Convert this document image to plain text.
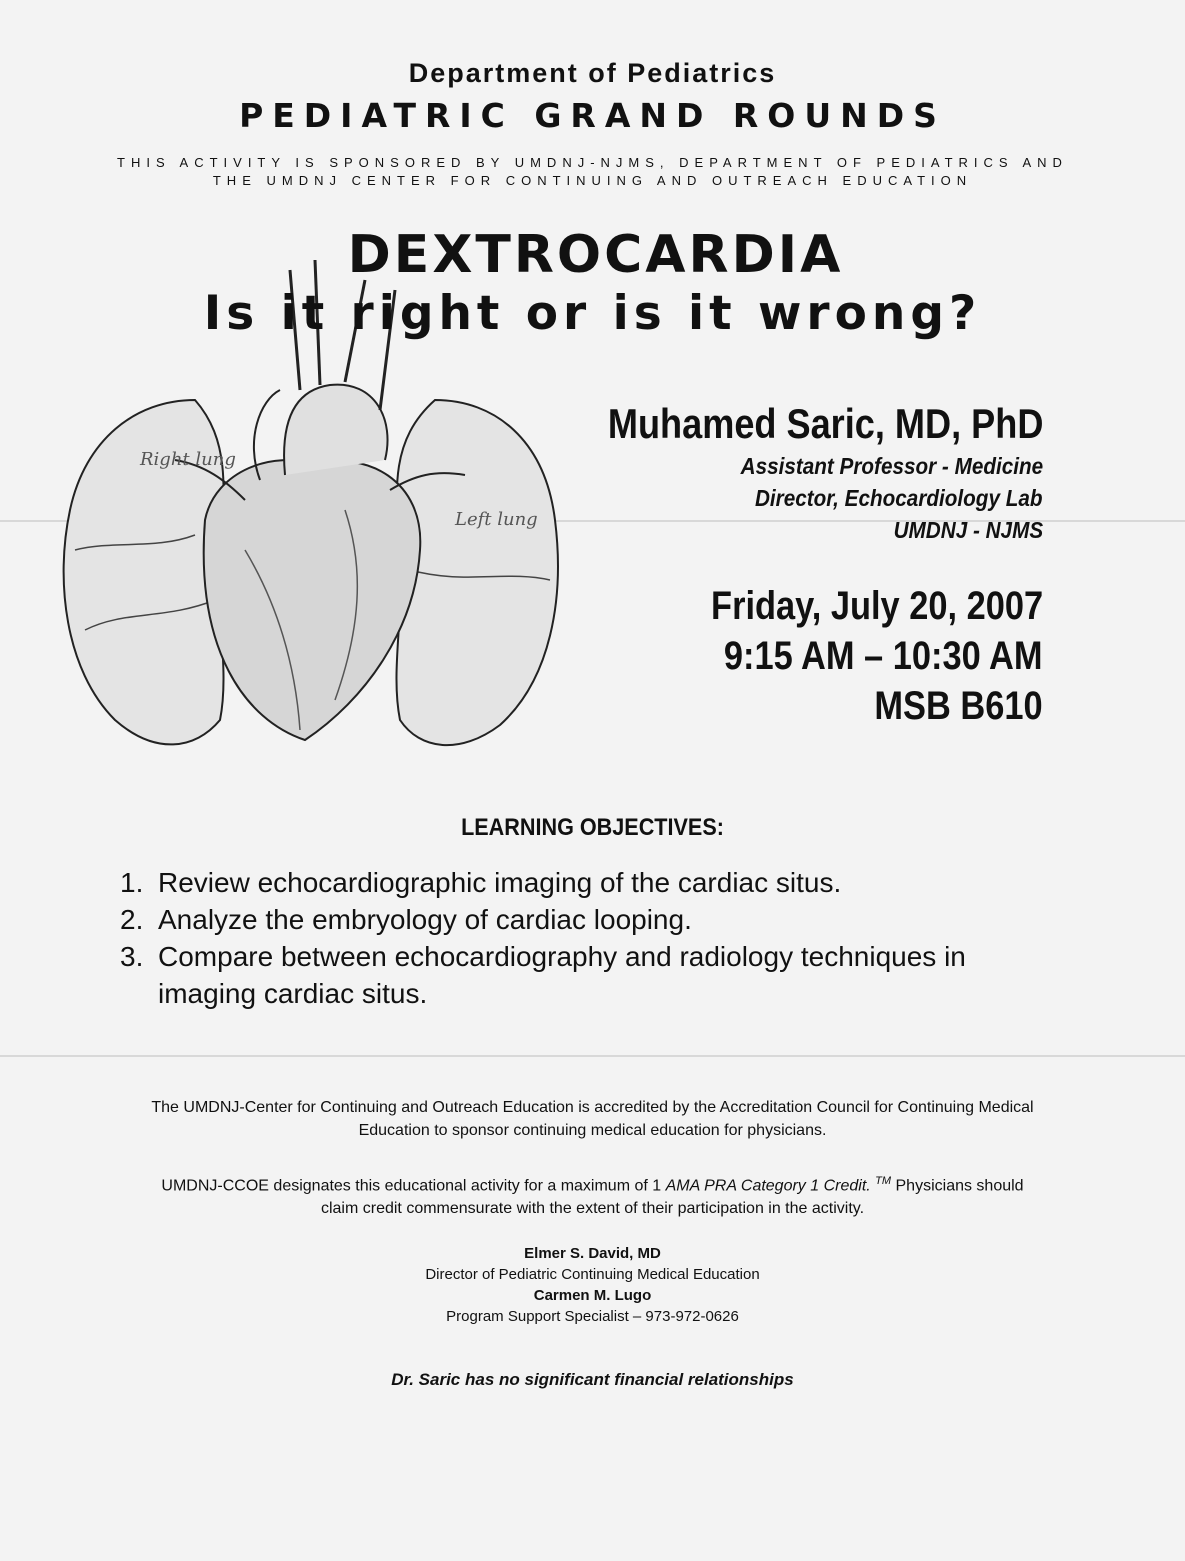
Department of Pediatrics
PEDIATRIC GRAND ROUNDS
THIS ACTIVITY IS SPONSORED BY UMDNJ-NJMS, DEPARTMENT OF PEDIATRICS AND
THE UMDNJ CENTER FOR CONTINUING AND OUTREACH EDUCATION
Right lung
Left lung
DEXTROCARDIA
Is it right or is it wrong?
Muhamed Saric, MD, PhD
Assistant Professor - Medicine
Director, Echocardiology Lab
UMDNJ - NJMS
Friday, July 20, 2007
9:15 AM – 10:30 AM
MSB B610
LEARNING OBJECTIVES:
1. Review echocardiographic imaging of the cardiac situs.
2. Analyze the embryology of cardiac looping.
3. Compare between echocardiography and radiology techniques in imaging cardiac situs.
The UMDNJ-Center for Continuing and Outreach Education is accredited by the Accreditation Council for Continuing Medical Education to sponsor continuing medical education for physicians.
UMDNJ-CCOE designates this educational activity for a maximum of 1 AMA PRA Category 1 Credit. ™ Physicians should claim credit commensurate with the extent of their participation in the activity.
Elmer S. David, MD
Director of Pediatric Continuing Medical Education
Carmen M. Lugo
Program Support Specialist – 973-972-0626
Dr. Saric has no significant financial relationships
